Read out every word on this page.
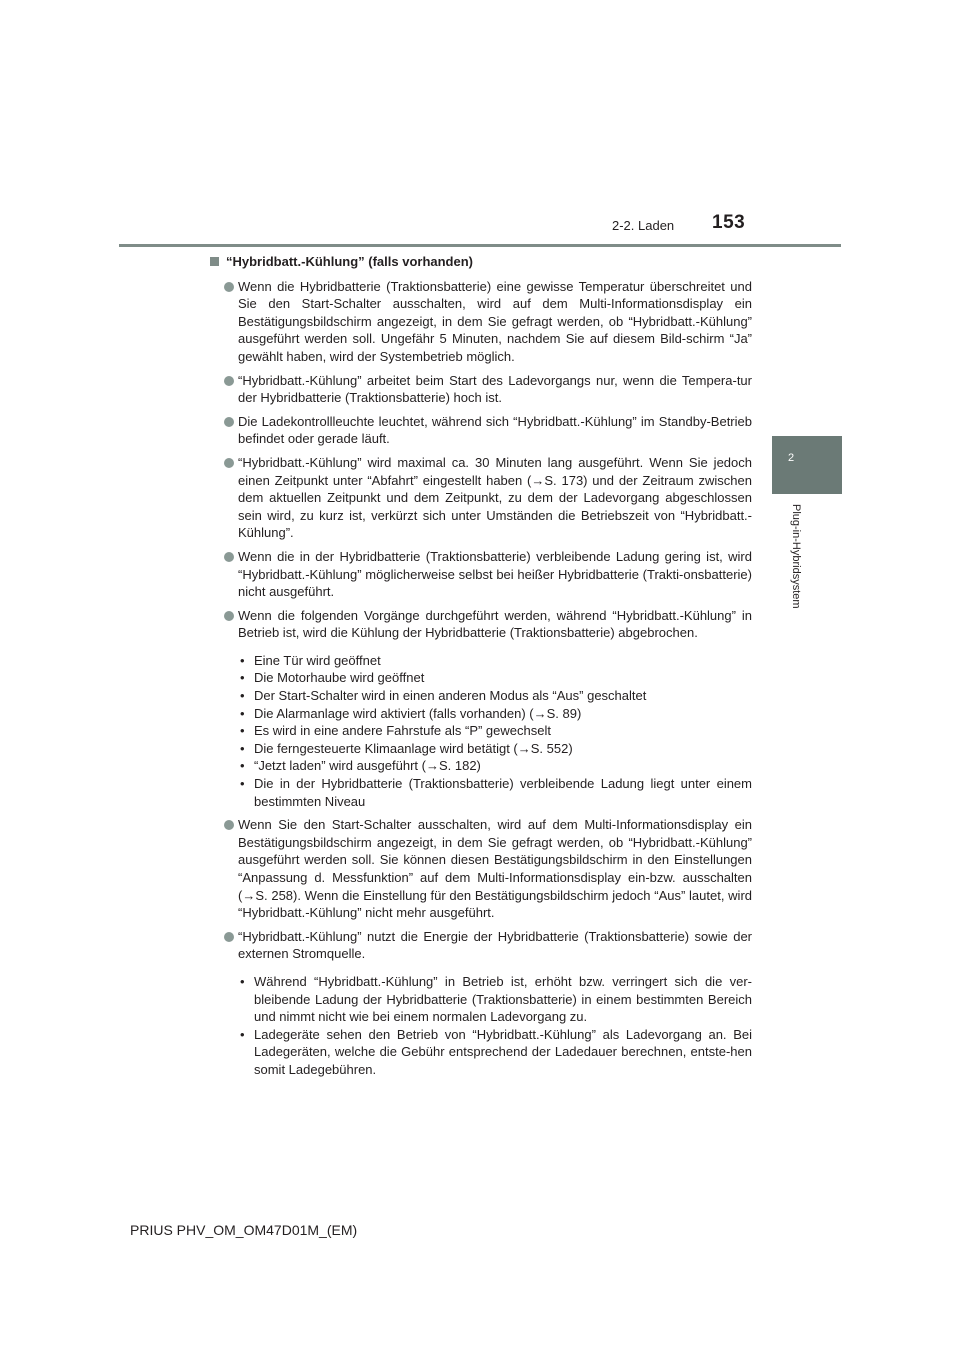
2-2. Laden 153
2
Plug-in-Hybridsystem
“Hybridbatt.-Kühlung” (falls vorhanden)
Wenn die Hybridbatterie (Traktionsbatterie) eine gewisse Temperatur überschreitet und Sie den Start-Schalter ausschalten, wird auf dem Multi-Informationsdisplay ein Bestätigungsbildschirm angezeigt, in dem Sie gefragt werden, ob “Hybridbatt.-Kühlung” ausgeführt werden soll. Ungefähr 5 Minuten, nachdem Sie auf diesem Bild-schirm “Ja” gewählt haben, wird der Systembetrieb möglich.
“Hybridbatt.-Kühlung” arbeitet beim Start des Ladevorgangs nur, wenn die Tempera-tur der Hybridbatterie (Traktionsbatterie) hoch ist.
Die Ladekontrollleuchte leuchtet, während sich “Hybridbatt.-Kühlung” im Standby-Betrieb befindet oder gerade läuft.
“Hybridbatt.-Kühlung” wird maximal ca. 30 Minuten lang ausgeführt. Wenn Sie jedoch einen Zeitpunkt unter “Abfahrt” eingestellt haben (→S. 173) und der Zeitraum zwischen dem aktuellen Zeitpunkt und dem Zeitpunkt, zu dem der Ladevorgang abgeschlossen sein wird, zu kurz ist, verkürzt sich unter Umständen die Betriebszeit von “Hybridbatt.-Kühlung”.
Wenn die in der Hybridbatterie (Traktionsbatterie) verbleibende Ladung gering ist, wird “Hybridbatt.-Kühlung” möglicherweise selbst bei heißer Hybridbatterie (Trakti-onsbatterie) nicht ausgeführt.
Wenn die folgenden Vorgänge durchgeführt werden, während “Hybridbatt.-Kühlung” in Betrieb ist, wird die Kühlung der Hybridbatterie (Traktionsbatterie) abgebrochen.
• Eine Tür wird geöffnet
• Die Motorhaube wird geöffnet
• Der Start-Schalter wird in einen anderen Modus als “Aus” geschaltet
• Die Alarmanlage wird aktiviert (falls vorhanden) (→S. 89)
• Es wird in eine andere Fahrstufe als “P” gewechselt
• Die ferngesteuerte Klimaanlage wird betätigt (→S. 552)
• “Jetzt laden” wird ausgeführt (→S. 182)
• Die in der Hybridbatterie (Traktionsbatterie) verbleibende Ladung liegt unter einem bestimmten Niveau
Wenn Sie den Start-Schalter ausschalten, wird auf dem Multi-Informationsdisplay ein Bestätigungsbildschirm angezeigt, in dem Sie gefragt werden, ob “Hybridbatt.-Kühlung” ausgeführt werden soll. Sie können diesen Bestätigungsbildschirm in den Einstellungen “Anpassung d. Messfunktion” auf dem Multi-Informationsdisplay ein-bzw. ausschalten (→S. 258). Wenn die Einstellung für den Bestätigungsbildschirm jedoch “Aus” lautet, wird “Hybridbatt.-Kühlung” nicht mehr ausgeführt.
“Hybridbatt.-Kühlung” nutzt die Energie der Hybridbatterie (Traktionsbatterie) sowie der externen Stromquelle.
• Während “Hybridbatt.-Kühlung” in Betrieb ist, erhöht bzw. verringert sich die ver-bleibende Ladung der Hybridbatterie (Traktionsbatterie) in einem bestimmten Bereich und nimmt nicht wie bei einem normalen Ladevorgang zu.
• Ladegeräte sehen den Betrieb von “Hybridbatt.-Kühlung” als Ladevorgang an. Bei Ladegeräten, welche die Gebühr entsprechend der Ladedauer berechnen, entste-hen somit Ladegebühren.
PRIUS PHV_OM_OM47D01M_(EM)
